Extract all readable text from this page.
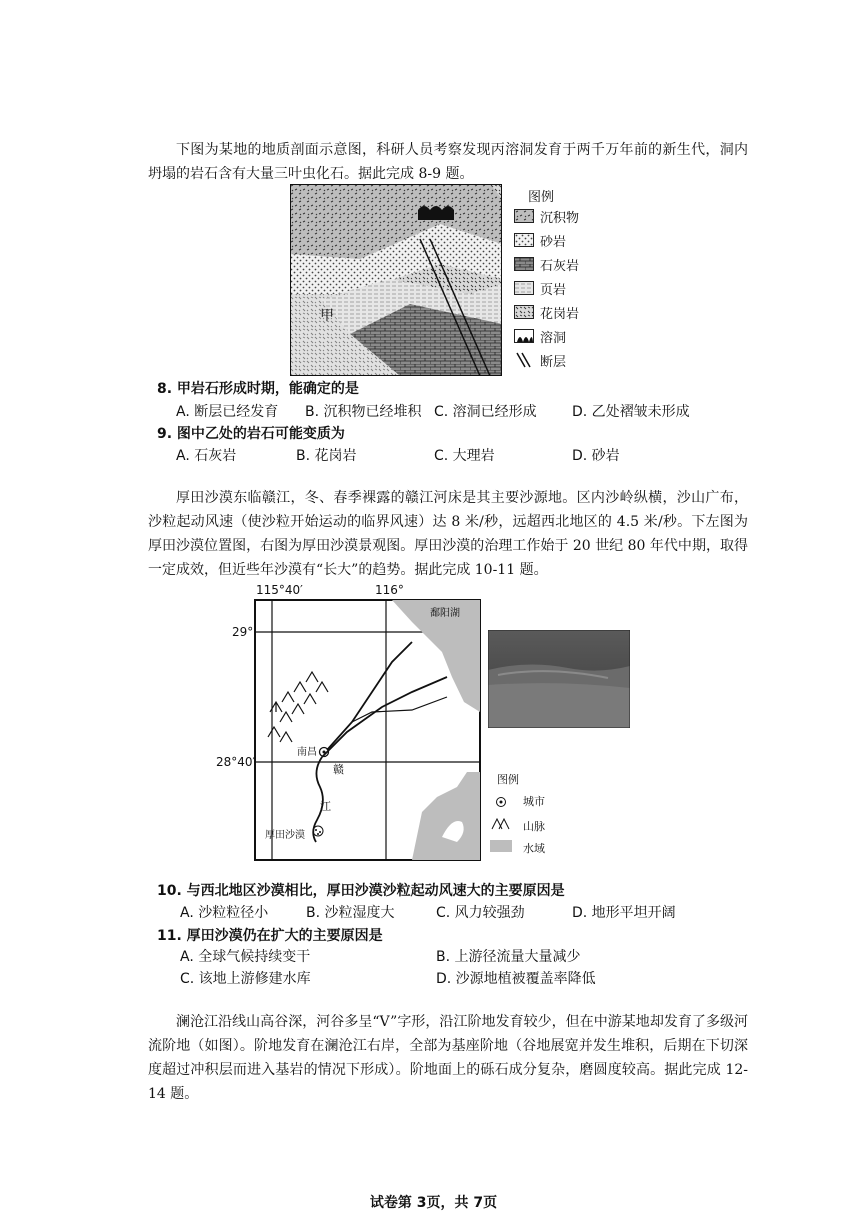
下图为某地的地质剖面示意图，科研人员考察发现丙溶洞发育于两千万年前的新生代，洞内坍塌的岩石含有大量三叶虫化石。据此完成 8-9 题。

甲
图例
沉积物
砂岩
石灰岩
页岩
花岗岩
溶洞
断层
8. 甲岩石形成时期，能确定的是
A. 断层已经发育 B. 沉积物已经堆积 C. 溶洞已经形成	D. 乙处褶皱未形成
9. 图中乙处的岩石可能变质为
A. 石灰岩	B. 花岗岩	C. 大理岩	D. 砂岩

厚田沙漠东临赣江，冬、春季裸露的赣江河床是其主要沙源地。区内沙岭纵横，沙山广布，沙粒起动风速（使沙粒开始运动的临界风速）达 8 米/秒，远超西北地区的 4.5 米/秒。下左图为厚田沙漠位置图，右图为厚田沙漠景观图。厚田沙漠的治理工作始于 20 世纪 80 年代中期，取得一定成效，但近些年沙漠有“长大”的趋势。据此完成 10-11 题。

115°40′	116°
29°
28°40′
鄱阳湖
南昌
赣
江
厚田沙漠
图例
城市
山脉
水域
10. 与西北地区沙漠相比，厚田沙漠沙粒起动风速大的主要原因是
A. 沙粒粒径小	B. 沙粒湿度大	C. 风力较强劲	D. 地形平坦开阔
11. 厚田沙漠仍在扩大的主要原因是
A. 全球气候持续变干	B. 上游径流量大量减少
C. 该地上游修建水库	D. 沙源地植被覆盖率降低

澜沧江沿线山高谷深，河谷多呈“V”字形，沿江阶地发育较少，但在中游某地却发育了多级河流阶地（如图）。阶地发育在澜沧江右岸，全部为基座阶地（谷地展宽并发生堆积，后期在下切深度超过冲积层而进入基岩的情况下形成）。阶地面上的砾石成分复杂，磨圆度较高。据此完成 12-14 题。

试卷第 3页，共 7页
